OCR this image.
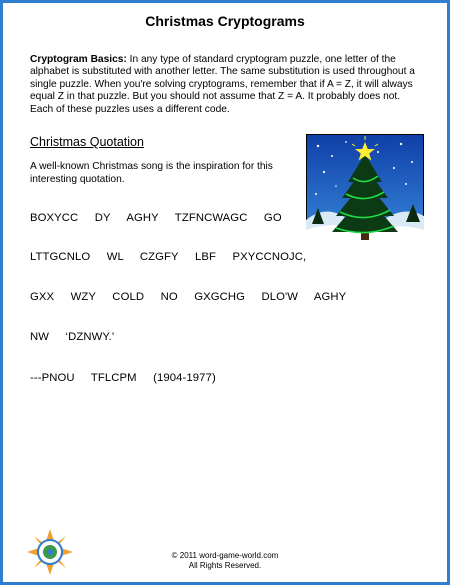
Christmas Cryptograms
Cryptogram Basics: In any type of standard cryptogram puzzle, one letter of the alphabet is substituted with another letter. The same substitution is used throughout a single puzzle. When you're solving cryptograms, remember that if A = Z, it will always equal Z in that puzzle. But you should not assume that Z = A. It probably does not. Each of these puzzles uses a different code.
Christmas Quotation
A well-known Christmas song is the inspiration for this interesting quotation.
BOXYCC  DY  AGHY  TZFNCWAGC  GO
LTTGCNLO  WL  CZGFY  LBF  PXYCCNOJC,
GXX  WZY  COLD  NO  GXGCHG  DLO'W  AGHY
NW  ‘DZNWY.’
---PNOU  TFLCPM  (1904-1977)
© 2011 word-game-world.com
All Rights Reserved.
